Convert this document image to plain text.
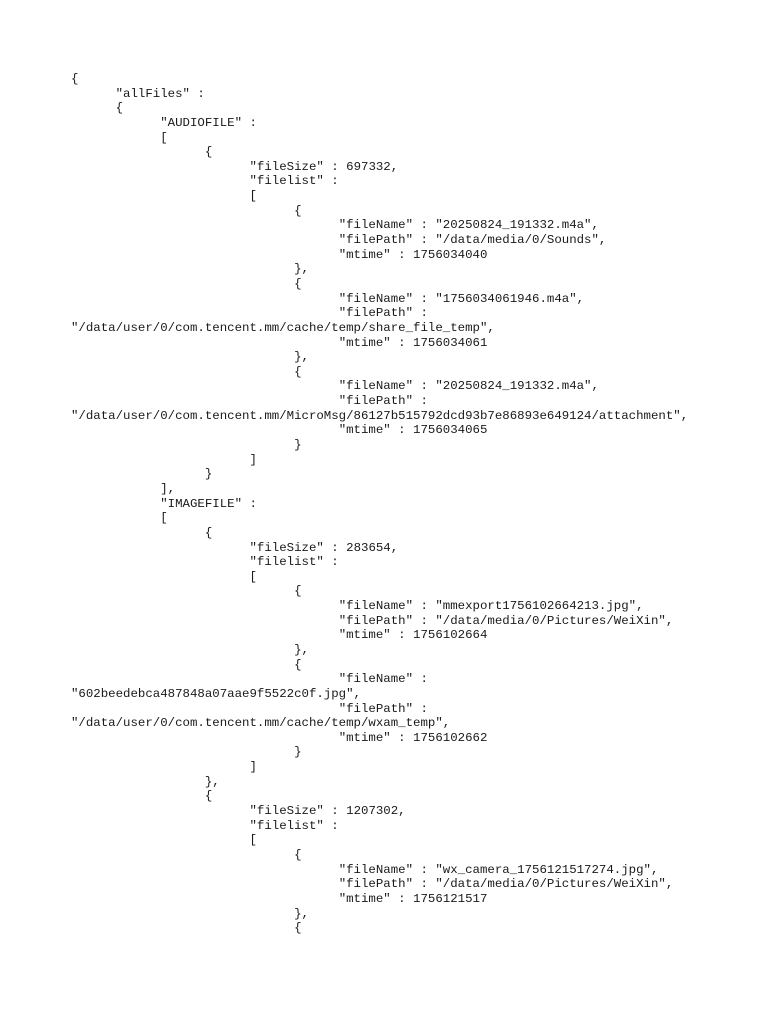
{
	"allFiles" :
	{
		"AUDIOFILE" :
		[
			{
				"fileSize" : 697332,
				"filelist" :
				[
					{
						"fileName" : "20250824_191332.m4a",
						"filePath" : "/data/media/0/Sounds",
						"mtime" : 1756034040
					},
					{
						"fileName" : "1756034061946.m4a",
						"filePath" :
"/data/user/0/com.tencent.mm/cache/temp/share_file_temp",
						"mtime" : 1756034061
					},
					{
						"fileName" : "20250824_191332.m4a",
						"filePath" :
"/data/user/0/com.tencent.mm/MicroMsg/86127b515792dcd93b7e86893e649124/attachment",
						"mtime" : 1756034065
					}
				]
			}
		],
		"IMAGEFILE" :
		[
			{
				"fileSize" : 283654,
				"filelist" :
				[
					{
						"fileName" : "mmexport1756102664213.jpg",
						"filePath" : "/data/media/0/Pictures/WeiXin",
						"mtime" : 1756102664
					},
					{
						"fileName" :
"602beedebca487848a07aae9f5522c0f.jpg",
						"filePath" :
"/data/user/0/com.tencent.mm/cache/temp/wxam_temp",
						"mtime" : 1756102662
					}
				]
			},
			{
				"fileSize" : 1207302,
				"filelist" :
				[
					{
						"fileName" : "wx_camera_1756121517274.jpg",
						"filePath" : "/data/media/0/Pictures/WeiXin",
						"mtime" : 1756121517
					},
					{
